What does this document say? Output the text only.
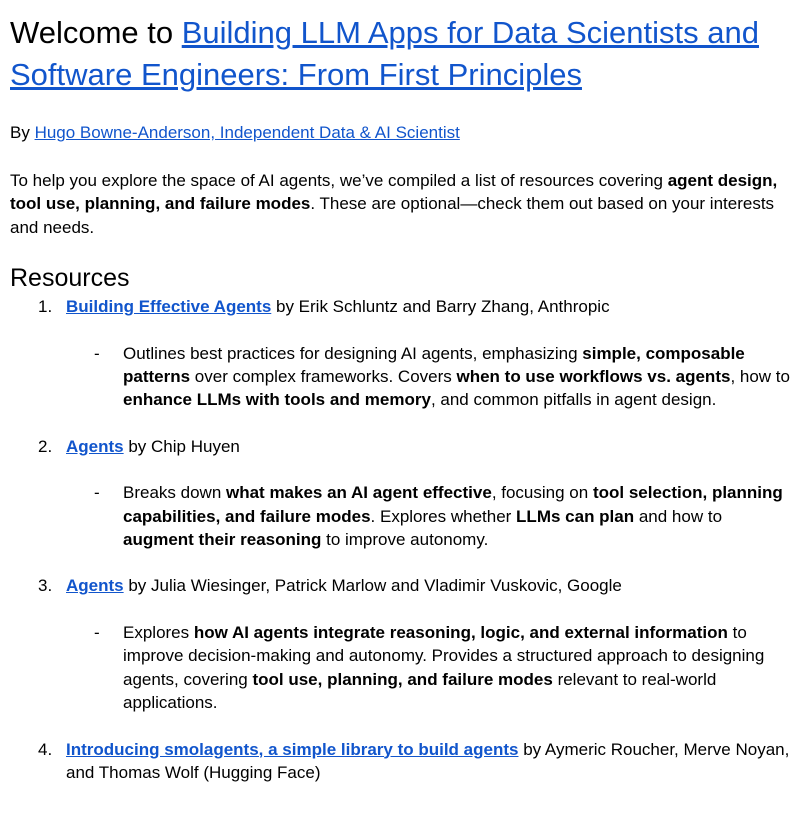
Welcome to Building LLM Apps for Data Scientists and Software Engineers: From First Principles

By Hugo Bowne-Anderson, Independent Data & AI Scientist

To help you explore the space of AI agents, we’ve compiled a list of resources covering agent design, tool use, planning, and failure modes. These are optional—check them out based on your interests and needs.

Resources
1. Building Effective Agents by Erik Schluntz and Barry Zhang, Anthropic
- Outlines best practices for designing AI agents, emphasizing simple, composable patterns over complex frameworks. Covers when to use workflows vs. agents, how to enhance LLMs with tools and memory, and common pitfalls in agent design.
2. Agents by Chip Huyen
- Breaks down what makes an AI agent effective, focusing on tool selection, planning capabilities, and failure modes. Explores whether LLMs can plan and how to augment their reasoning to improve autonomy.
3. Agents by Julia Wiesinger, Patrick Marlow and Vladimir Vuskovic, Google
- Explores how AI agents integrate reasoning, logic, and external information to improve decision-making and autonomy. Provides a structured approach to designing agents, covering tool use, planning, and failure modes relevant to real-world applications.
4. Introducing smolagents, a simple library to build agents by Aymeric Roucher, Merve Noyan, and Thomas Wolf (Hugging Face)
